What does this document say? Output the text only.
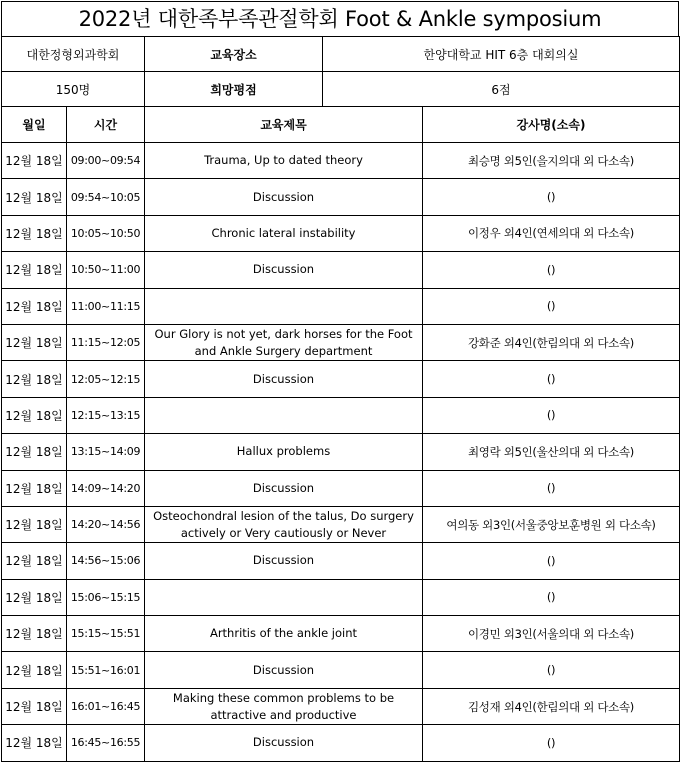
2022년 대한족부족관절학회 Foot & Ankle symposium
대한정형외과학회		교육장소	한양대학교 HIT 6층 대회의실	
150명		희망평점	6점	
월일	시간	교육제목		강사명(소속)
12월 18일	09:00~09:54	Trauma, Up to dated theory		최승명 외5인(을지의대 외 다소속)
12월 18일	09:54~10:05	Discussion		()
12월 18일	10:05~10:50	Chronic lateral instability		이정우 외4인(연세의대 외 다소속)
12월 18일	10:50~11:00	Discussion		()
12월 18일	11:00~11:15			()
12월 18일	11:15~12:05	Our Glory is not yet, dark horses for the Foot and Ankle Surgery department		강화준 외4인(한림의대 외 다소속)
12월 18일	12:05~12:15	Discussion		()
12월 18일	12:15~13:15			()
12월 18일	13:15~14:09	Hallux problems		최영락 외5인(울산의대 외 다소속)
12월 18일	14:09~14:20	Discussion		()
12월 18일	14:20~14:56	Osteochondral lesion of the talus, Do surgery actively or Very cautiously or Never		여의동 외3인(서울중앙보훈병원 외 다소속)
12월 18일	14:56~15:06	Discussion		()
12월 18일	15:06~15:15			()
12월 18일	15:15~15:51	Arthritis of the ankle joint		이경민 외3인(서울의대 외 다소속)
12월 18일	15:51~16:01	Discussion		()
12월 18일	16:01~16:45	Making these common problems to be attractive and productive		김성재 외4인(한림의대 외 다소속)
12월 18일	16:45~16:55	Discussion		()
